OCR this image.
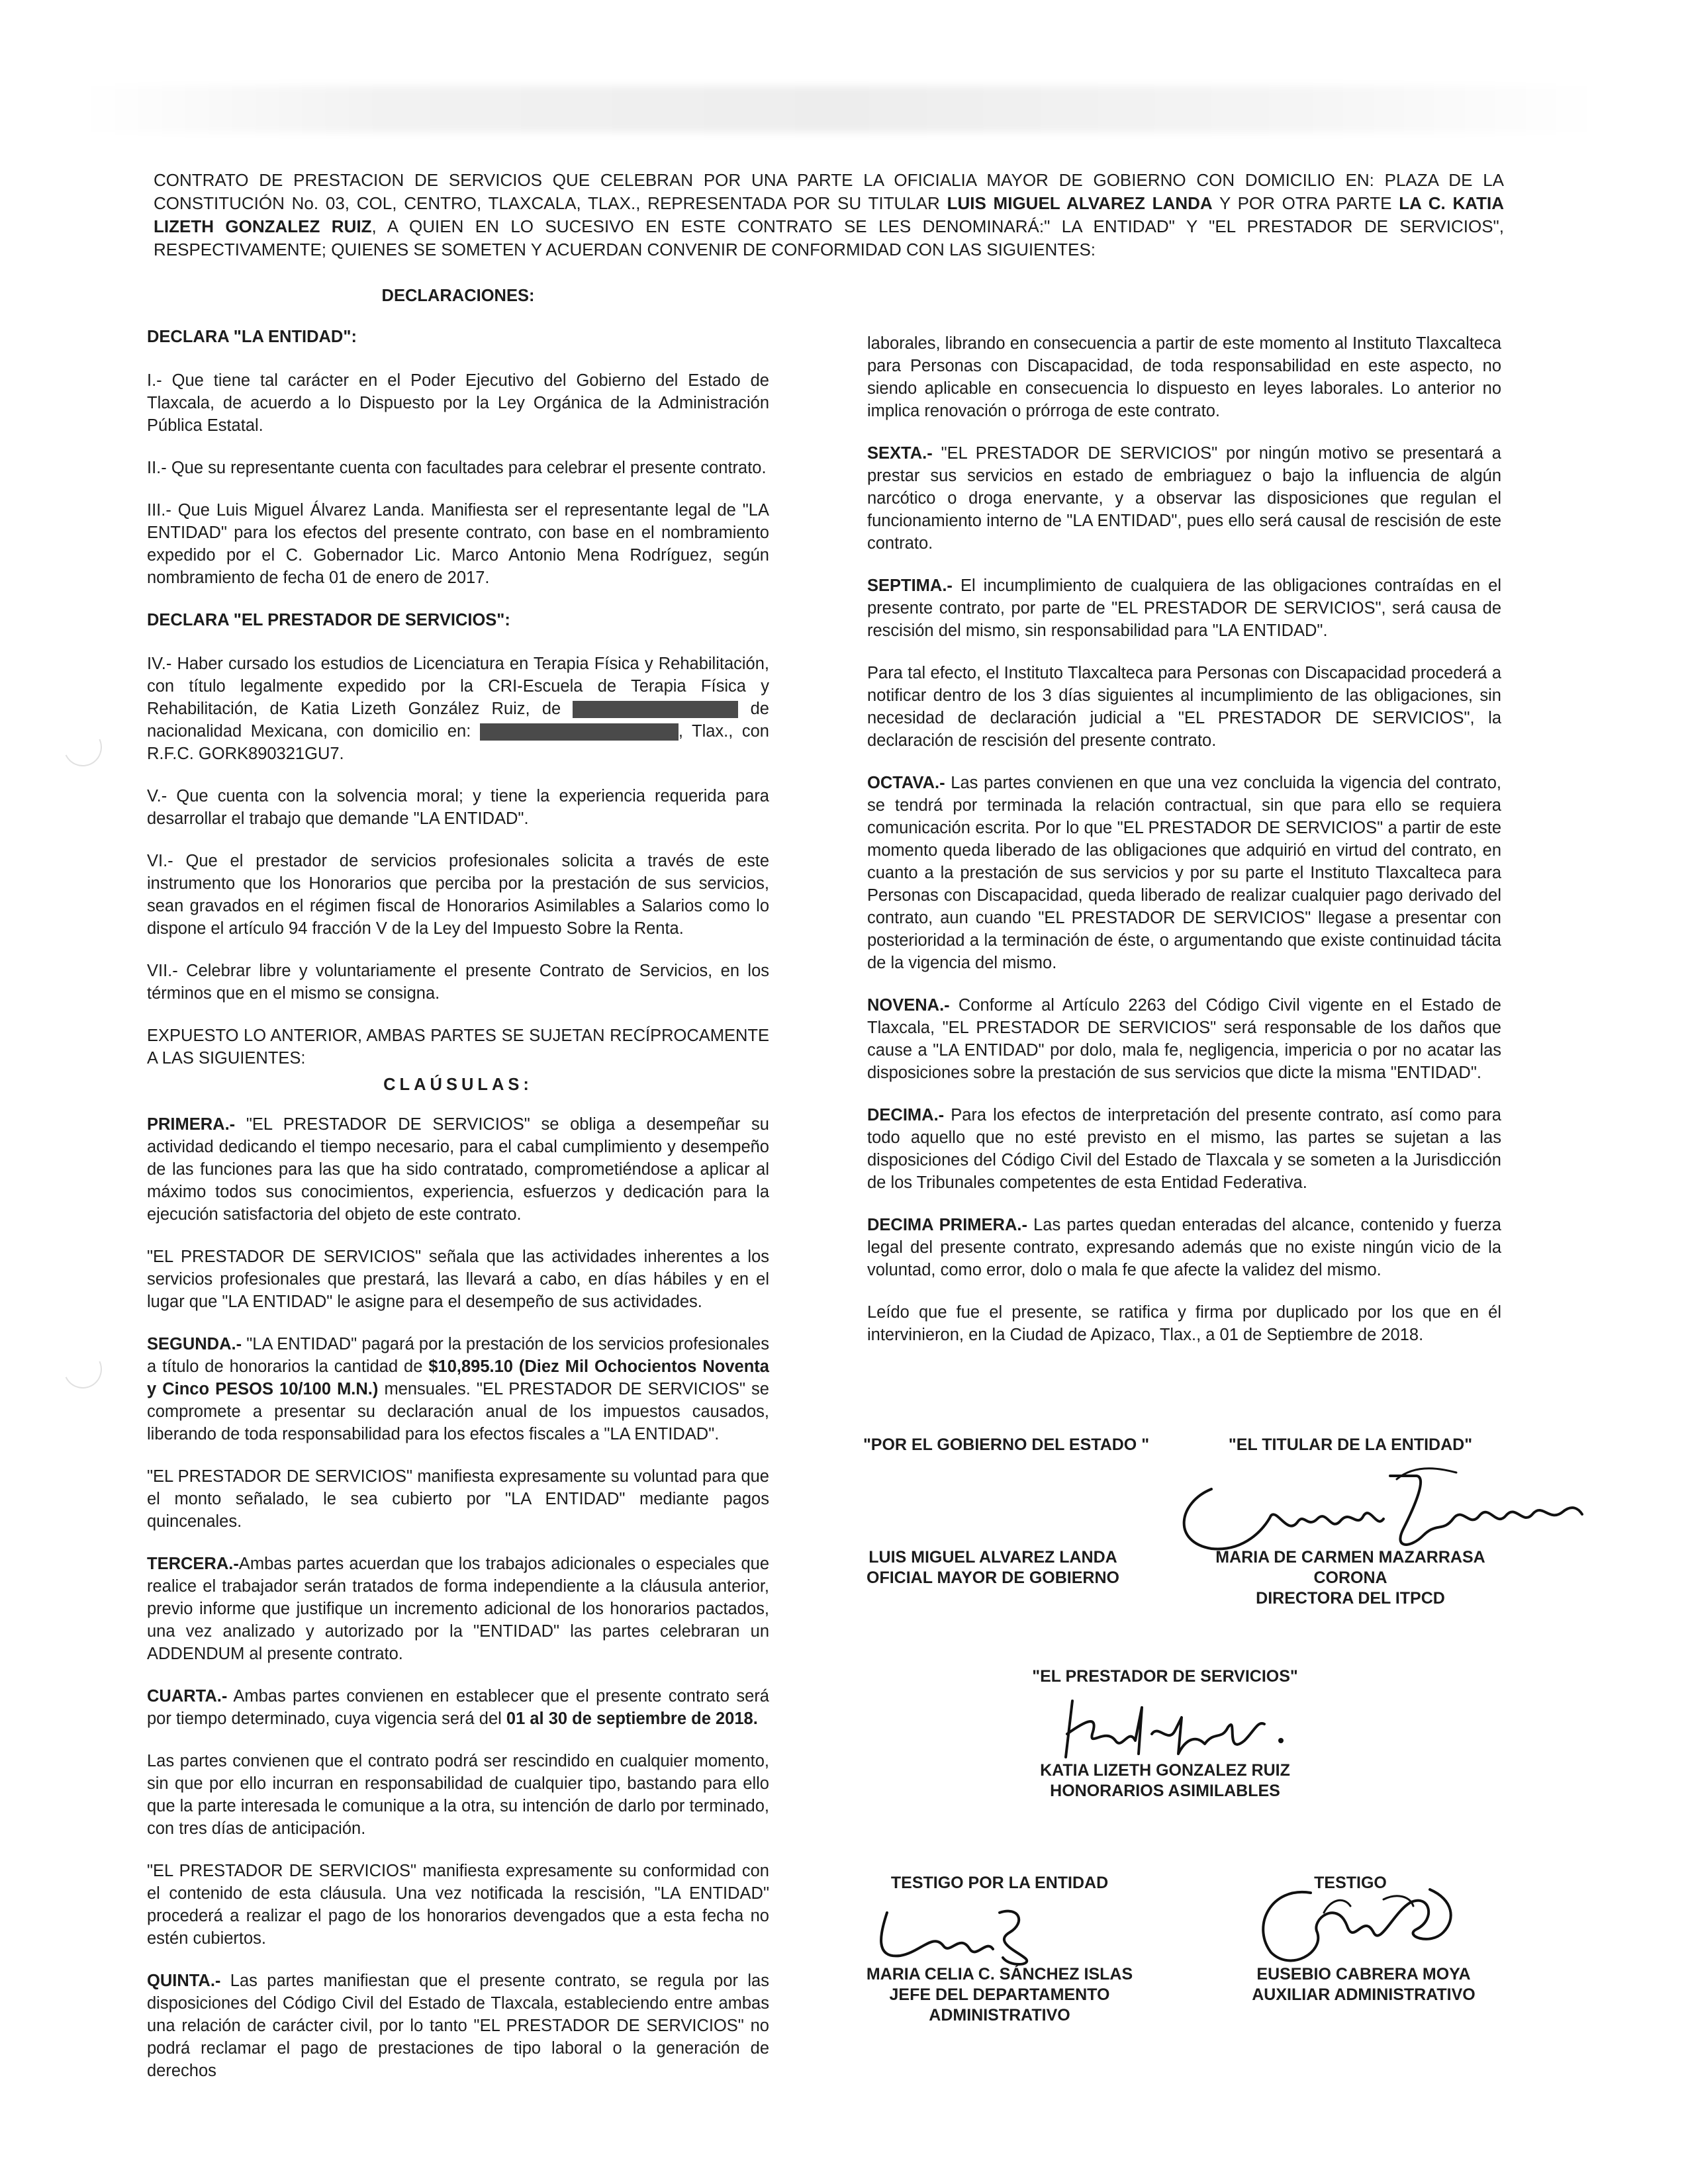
CONTRATO DE PRESTACION DE SERVICIOS QUE CELEBRAN POR UNA PARTE LA OFICIALIA MAYOR DE GOBIERNO CON DOMICILIO EN: PLAZA DE LA CONSTITUCIÓN No. 03, COL, CENTRO, TLAXCALA, TLAX., REPRESENTADA POR SU TITULAR LUIS MIGUEL ALVAREZ LANDA Y POR OTRA PARTE LA C. KATIA LIZETH GONZALEZ RUIZ, A QUIEN EN LO SUCESIVO EN ESTE CONTRATO SE LES DENOMINARÁ:" LA ENTIDAD" Y "EL PRESTADOR DE SERVICIOS", RESPECTIVAMENTE; QUIENES SE SOMETEN Y ACUERDAN CONVENIR DE CONFORMIDAD CON LAS SIGUIENTES:

DECLARACIONES:

DECLARA "LA ENTIDAD":

I.- Que tiene tal carácter en el Poder Ejecutivo del Gobierno del Estado de Tlaxcala, de acuerdo a lo Dispuesto por la Ley Orgánica de la Administración Pública Estatal.

II.- Que su representante cuenta con facultades para celebrar el presente contrato.

III.- Que Luis Miguel Álvarez Landa. Manifiesta ser el representante legal de "LA ENTIDAD" para los efectos del presente contrato, con base en el nombramiento expedido por el C. Gobernador Lic. Marco Antonio Mena Rodríguez, según nombramiento de fecha 01 de enero de 2017.

DECLARA "EL PRESTADOR DE SERVICIOS":

IV.- Haber cursado los estudios de Licenciatura en Terapia Física y Rehabilitación, con título legalmente expedido por la CRI-Escuela de Terapia Física y Rehabilitación, de Katia Lizeth González Ruiz, de	de nacionalidad Mexicana, con domicilio en:	, Tlax., con R.F.C. GORK890321GU7.

V.- Que cuenta con la solvencia moral; y tiene la experiencia requerida para desarrollar el trabajo que demande "LA ENTIDAD".

VI.- Que el prestador de servicios profesionales solicita a través de este instrumento que los Honorarios que perciba por la prestación de sus servicios, sean gravados en el régimen fiscal de Honorarios Asimilables a Salarios como lo dispone el artículo 94 fracción V de la Ley del Impuesto Sobre la Renta.

VII.- Celebrar libre y voluntariamente el presente Contrato de Servicios, en los términos que en el mismo se consigna.

EXPUESTO LO ANTERIOR, AMBAS PARTES SE SUJETAN RECÍPROCAMENTE A LAS SIGUIENTES:

CLAÚSULAS:

PRIMERA.- "EL PRESTADOR DE SERVICIOS" se obliga a desempeñar su actividad dedicando el tiempo necesario, para el cabal cumplimiento y desempeño de las funciones para las que ha sido contratado, comprometiéndose a aplicar al máximo todos sus conocimientos, experiencia, esfuerzos y dedicación para la ejecución satisfactoria del objeto de este contrato.

"EL PRESTADOR DE SERVICIOS" señala que las actividades inherentes a los servicios profesionales que prestará, las llevará a cabo, en días hábiles y en el lugar que "LA ENTIDAD" le asigne para el desempeño de sus actividades.

SEGUNDA.- "LA ENTIDAD" pagará por la prestación de los servicios profesionales a título de honorarios la cantidad de $10,895.10 (Diez Mil Ochocientos Noventa y Cinco PESOS 10/100 M.N.) mensuales. "EL PRESTADOR DE SERVICIOS" se compromete a presentar su declaración anual de los impuestos causados, liberando de toda responsabilidad para los efectos fiscales a "LA ENTIDAD".

"EL PRESTADOR DE SERVICIOS" manifiesta expresamente su voluntad para que el monto señalado, le sea cubierto por "LA ENTIDAD" mediante pagos quincenales.

TERCERA.-Ambas partes acuerdan que los trabajos adicionales o especiales que realice el trabajador serán tratados de forma independiente a la cláusula anterior, previo informe que justifique un incremento adicional de los honorarios pactados, una vez analizado y autorizado por la "ENTIDAD" las partes celebraran un ADDENDUM al presente contrato.

CUARTA.- Ambas partes convienen en establecer que el presente contrato será por tiempo determinado, cuya vigencia será del 01 al 30 de septiembre de 2018.

Las partes convienen que el contrato podrá ser rescindido en cualquier momento, sin que por ello incurran en responsabilidad de cualquier tipo, bastando para ello que la parte interesada le comunique a la otra, su intención de darlo por terminado, con tres días de anticipación.

"EL PRESTADOR DE SERVICIOS" manifiesta expresamente su conformidad con el contenido de esta cláusula. Una vez notificada la rescisión, "LA ENTIDAD" procederá a realizar el pago de los honorarios devengados que a esta fecha no estén cubiertos.

QUINTA.- Las partes manifiestan que el presente contrato, se regula por las disposiciones del Código Civil del Estado de Tlaxcala, estableciendo entre ambas una relación de carácter civil, por lo tanto "EL PRESTADOR DE SERVICIOS" no podrá reclamar el pago de prestaciones de tipo laboral o la generación de derechos

laborales, librando en consecuencia a partir de este momento al Instituto Tlaxcalteca para Personas con Discapacidad, de toda responsabilidad en este aspecto, no siendo aplicable en consecuencia lo dispuesto en leyes laborales. Lo anterior no implica renovación o prórroga de este contrato.

SEXTA.- "EL PRESTADOR DE SERVICIOS" por ningún motivo se presentará a prestar sus servicios en estado de embriaguez o bajo la influencia de algún narcótico o droga enervante, y a observar las disposiciones que regulan el funcionamiento interno de "LA ENTIDAD", pues ello será causal de rescisión de este contrato.

SEPTIMA.- El incumplimiento de cualquiera de las obligaciones contraídas en el presente contrato, por parte de "EL PRESTADOR DE SERVICIOS", será causa de rescisión del mismo, sin responsabilidad para "LA ENTIDAD".

Para tal efecto, el Instituto Tlaxcalteca para Personas con Discapacidad procederá a notificar dentro de los 3 días siguientes al incumplimiento de las obligaciones, sin necesidad de declaración judicial a "EL PRESTADOR DE SERVICIOS", la declaración de rescisión del presente contrato.

OCTAVA.- Las partes convienen en que una vez concluida la vigencia del contrato, se tendrá por terminada la relación contractual, sin que para ello se requiera comunicación escrita. Por lo que "EL PRESTADOR DE SERVICIOS" a partir de este momento queda liberado de las obligaciones que adquirió en virtud del contrato, en cuanto a la prestación de sus servicios y por su parte el Instituto Tlaxcalteca para Personas con Discapacidad, queda liberado de realizar cualquier pago derivado del contrato, aun cuando "EL PRESTADOR DE SERVICIOS" llegase a presentar con posterioridad a la terminación de éste, o argumentando que existe continuidad tácita de la vigencia del mismo.

NOVENA.- Conforme al Artículo 2263 del Código Civil vigente en el Estado de Tlaxcala, "EL PRESTADOR DE SERVICIOS" será responsable de los daños que cause a "LA ENTIDAD" por dolo, mala fe, negligencia, impericia o por no acatar las disposiciones sobre la prestación de sus servicios que dicte la misma "ENTIDAD".

DECIMA.- Para los efectos de interpretación del presente contrato, así como para todo aquello que no esté previsto en el mismo, las partes se sujetan a las disposiciones del Código Civil del Estado de Tlaxcala y se someten a la Jurisdicción de los Tribunales competentes de esta Entidad Federativa.

DECIMA PRIMERA.- Las partes quedan enteradas del alcance, contenido y fuerza legal del presente contrato, expresando además que no existe ningún vicio de la voluntad, como error, dolo o mala fe que afecte la validez del mismo.

Leído que fue el presente, se ratifica y firma por duplicado por los que en él intervinieron, en la Ciudad de Apizaco, Tlax., a 01 de Septiembre de 2018.

"POR EL GOBIERNO DEL ESTADO "	"EL TITULAR DE LA ENTIDAD"
LUIS MIGUEL ALVAREZ LANDA
OFICIAL MAYOR DE GOBIERNO
MARIA DE CARMEN MAZARRASA
CORONA
DIRECTORA DEL ITPCD
"EL PRESTADOR DE SERVICIOS"
KATIA LIZETH GONZALEZ RUIZ
HONORARIOS ASIMILABLES
TESTIGO POR LA ENTIDAD	TESTIGO
MARIA CELIA C. SÁNCHEZ ISLAS
JEFE DEL DEPARTAMENTO
ADMINISTRATIVO
EUSEBIO CABRERA MOYA
AUXILIAR ADMINISTRATIVO
